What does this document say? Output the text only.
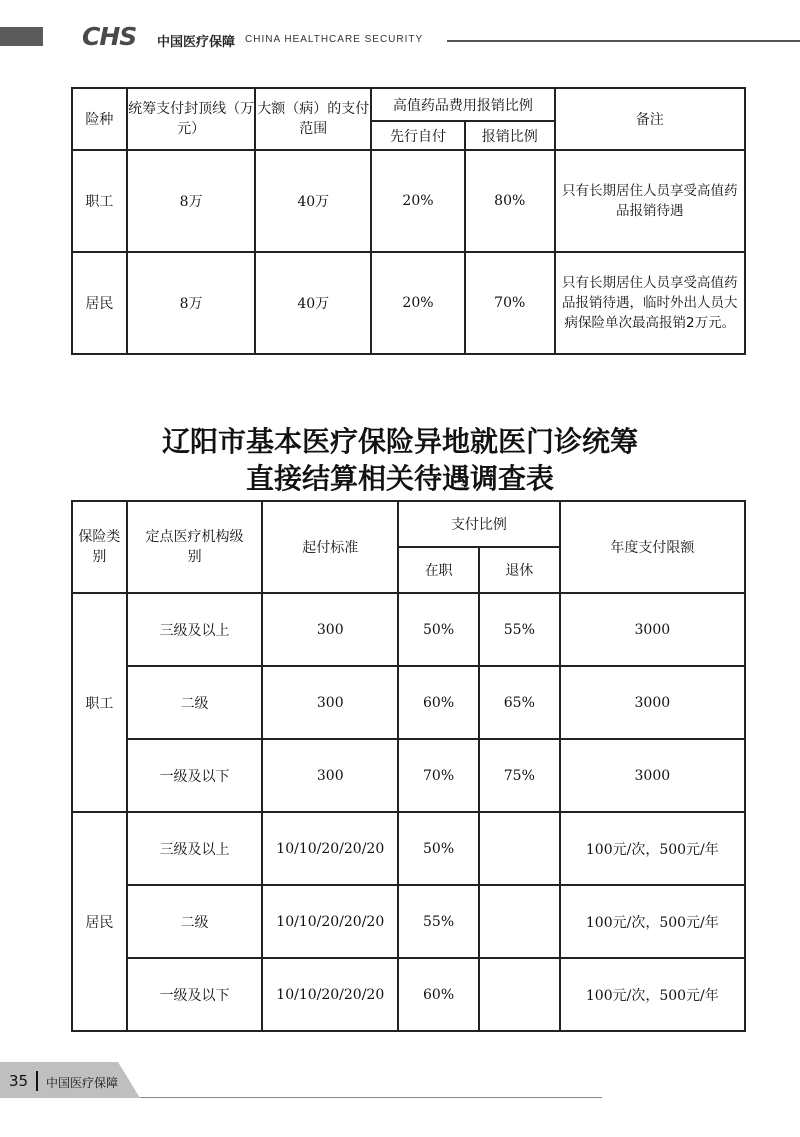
CHS 中国医疗保障 CHINA HEALTHCARE SECURITY
险种	统筹支付封顶线（万元）	大额（病）的支付范围	高值药品费用报销比例		备注
			先行自付	报销比例	
职工	8万	40万	20%	80%	只有长期居住人员享受高值药品报销待遇
居民	8万	40万	20%	70%	只有长期居住人员享受高值药品报销待遇，临时外出人员大病保险单次最高报销2万元。
辽阳市基本医疗保险异地就医门诊统筹
直接结算相关待遇调查表
保险类别	定点医疗机构级别	起付标准	支付比例		年度支付限额
			在职	退休	
职工	三级及以上	300	50%	55%	3000
	二级	300	60%	65%	3000
	一级及以下	300	70%	75%	3000
居民	三级及以上	10/10/20/20/20	50%		100元/次，500元/年
	二级	10/10/20/20/20	55%		100元/次，500元/年
	一级及以下	10/10/20/20/20	60%		100元/次，500元/年
35 中国医疗保障
